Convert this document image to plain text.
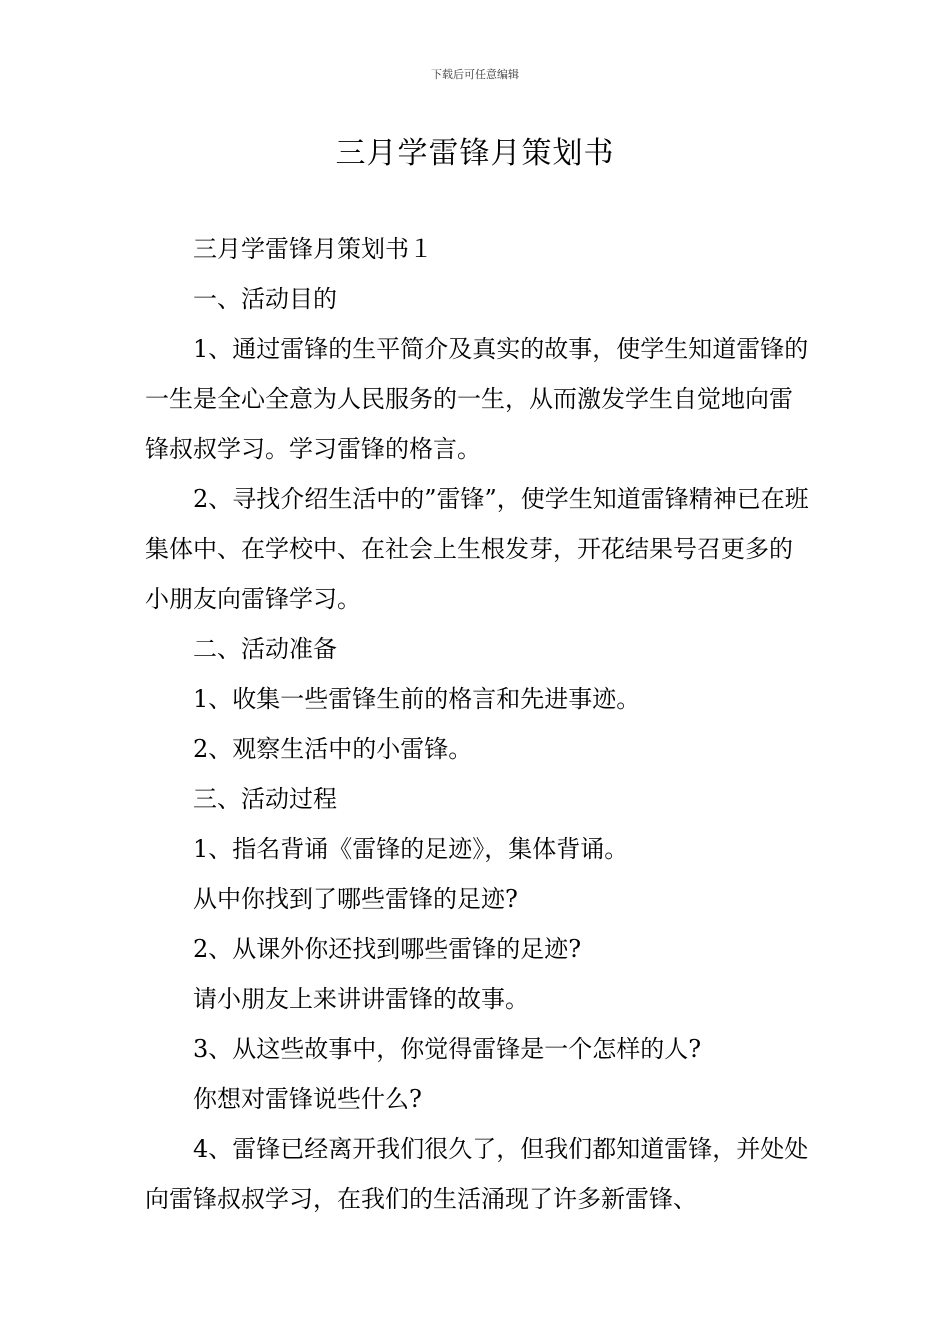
下载后可任意编辑
三月学雷锋月策划书

三月学雷锋月策划书１

一、活动目的

1、通过雷锋的生平简介及真实的故事，使学生知道雷锋的一生是全心全意为人民服务的一生，从而激发学生自觉地向雷锋叔叔学习。学习雷锋的格言。

2、寻找介绍生活中的”雷锋”，使学生知道雷锋精神已在班集体中、在学校中、在社会上生根发芽，开花结果号召更多的小朋友向雷锋学习。

二、活动准备

1、收集一些雷锋生前的格言和先进事迹。

2、观察生活中的小雷锋。

三、活动过程

1、指名背诵《雷锋的足迹》，集体背诵。

从中你找到了哪些雷锋的足迹?

2、从课外你还找到哪些雷锋的足迹?

请小朋友上来讲讲雷锋的故事。

3、从这些故事中，你觉得雷锋是一个怎样的人?

你想对雷锋说些什么?

4、雷锋已经离开我们很久了，但我们都知道雷锋，并处处向雷锋叔叔学习，在我们的生活涌现了许多新雷锋、
